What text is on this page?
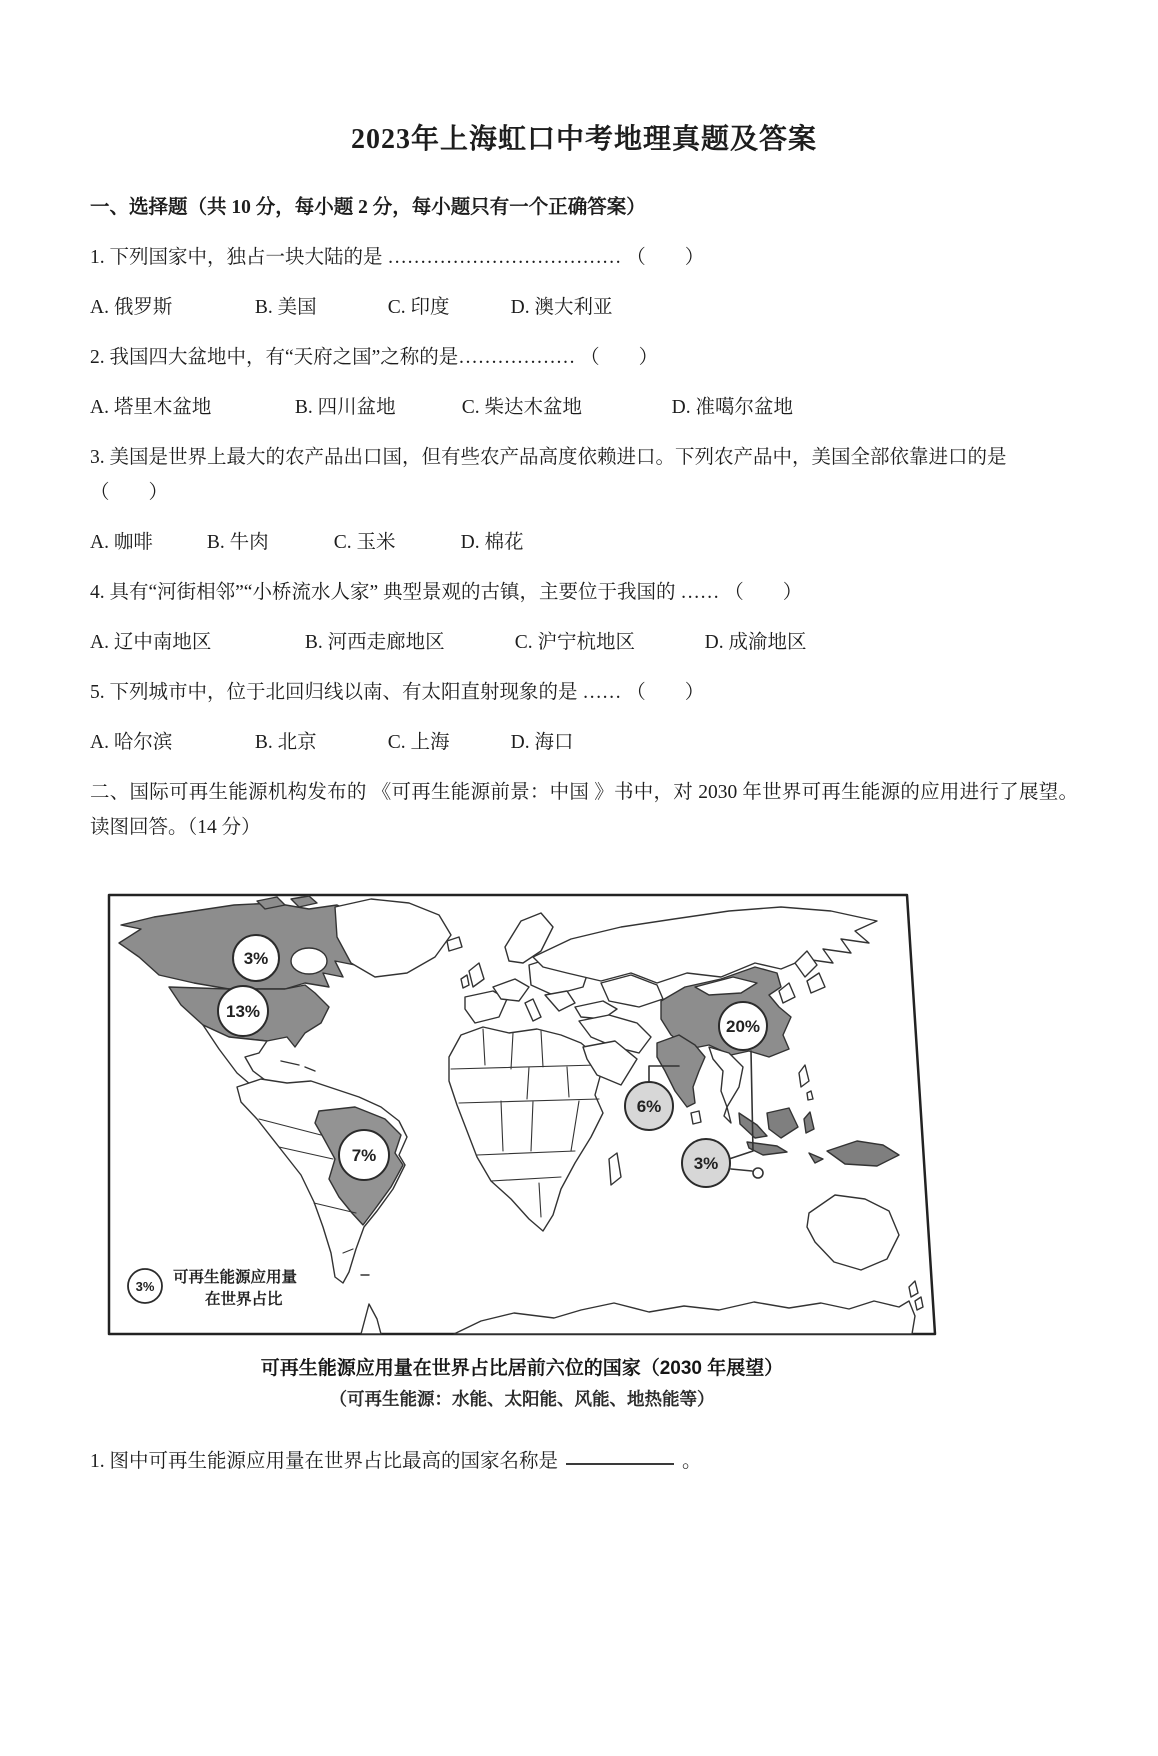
2023年上海虹口中考地理真题及答案

一、选择题（共 10 分，每小题 2 分，每小题只有一个正确答案）

1. 下列国家中，独占一块大陆的是 ……………………………… （　　）

A. 俄罗斯	B. 美国	C. 印度	D. 澳大利亚

2. 我国四大盆地中，有“天府之国”之称的是……………… （　　）

A. 塔里木盆地	B. 四川盆地	C. 柴达木盆地	D. 准噶尔盆地

3. 美国是世界上最大的农产品出口国，但有些农产品高度依赖进口。下列农产品中，美国全部依靠进口的是 （　　）

A. 咖啡	B. 牛肉	C. 玉米	D. 棉花

4. 具有“河街相邻”“小桥流水人家” 典型景观的古镇，主要位于我国的 …… （　　）

A. 辽中南地区	B. 河西走廊地区	C. 沪宁杭地区	D. 成渝地区

5. 下列城市中，位于北回归线以南、有太阳直射现象的是 …… （　　）

A. 哈尔滨	B. 北京	C. 上海	D. 海口

二、国际可再生能源机构发布的 《可再生能源前景：中国 》书中，对 2030 年世界可再生能源的应用进行了展望。读图回答。（14 分）

3%
13%
20%
6%
3%
7%
3%
可再生能源应用量
在世界占比
可再生能源应用量在世界占比居前六位的国家（2030 年展望）
（可再生能源：水能、太阳能、风能、地热能等）

1. 图中可再生能源应用量在世界占比最高的国家名称是	。
